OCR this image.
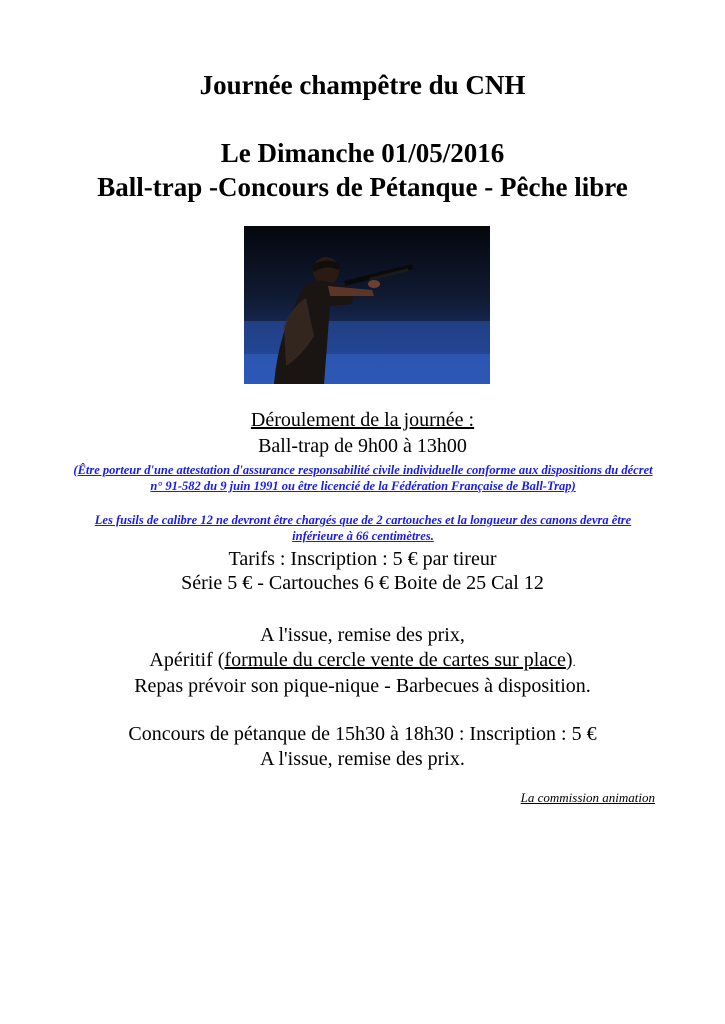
Journée champêtre du CNH
Le Dimanche 01/05/2016
Ball-trap -Concours de Pétanque - Pêche libre
Déroulement de la journée :
Ball-trap de 9h00 à 13h00
(Être porteur d'une attestation d'assurance responsabilité civile individuelle conforme aux dispositions du décret n° 91-582 du 9 juin 1991 ou être licencié de la Fédération Française de Ball-Trap)
Les fusils de calibre 12 ne devront être chargés que de 2 cartouches et la longueur des canons devra être inférieure à 66 centimètres.
Tarifs : Inscription : 5 € par tireur
Série 5 € - Cartouches 6 € Boite de 25 Cal 12
A l'issue, remise des prix,
Apéritif (formule du cercle vente de cartes sur place).
Repas prévoir son pique-nique - Barbecues à disposition.
Concours de pétanque de 15h30 à 18h30 : Inscription : 5 €
A l'issue, remise des prix.
La commission animation
